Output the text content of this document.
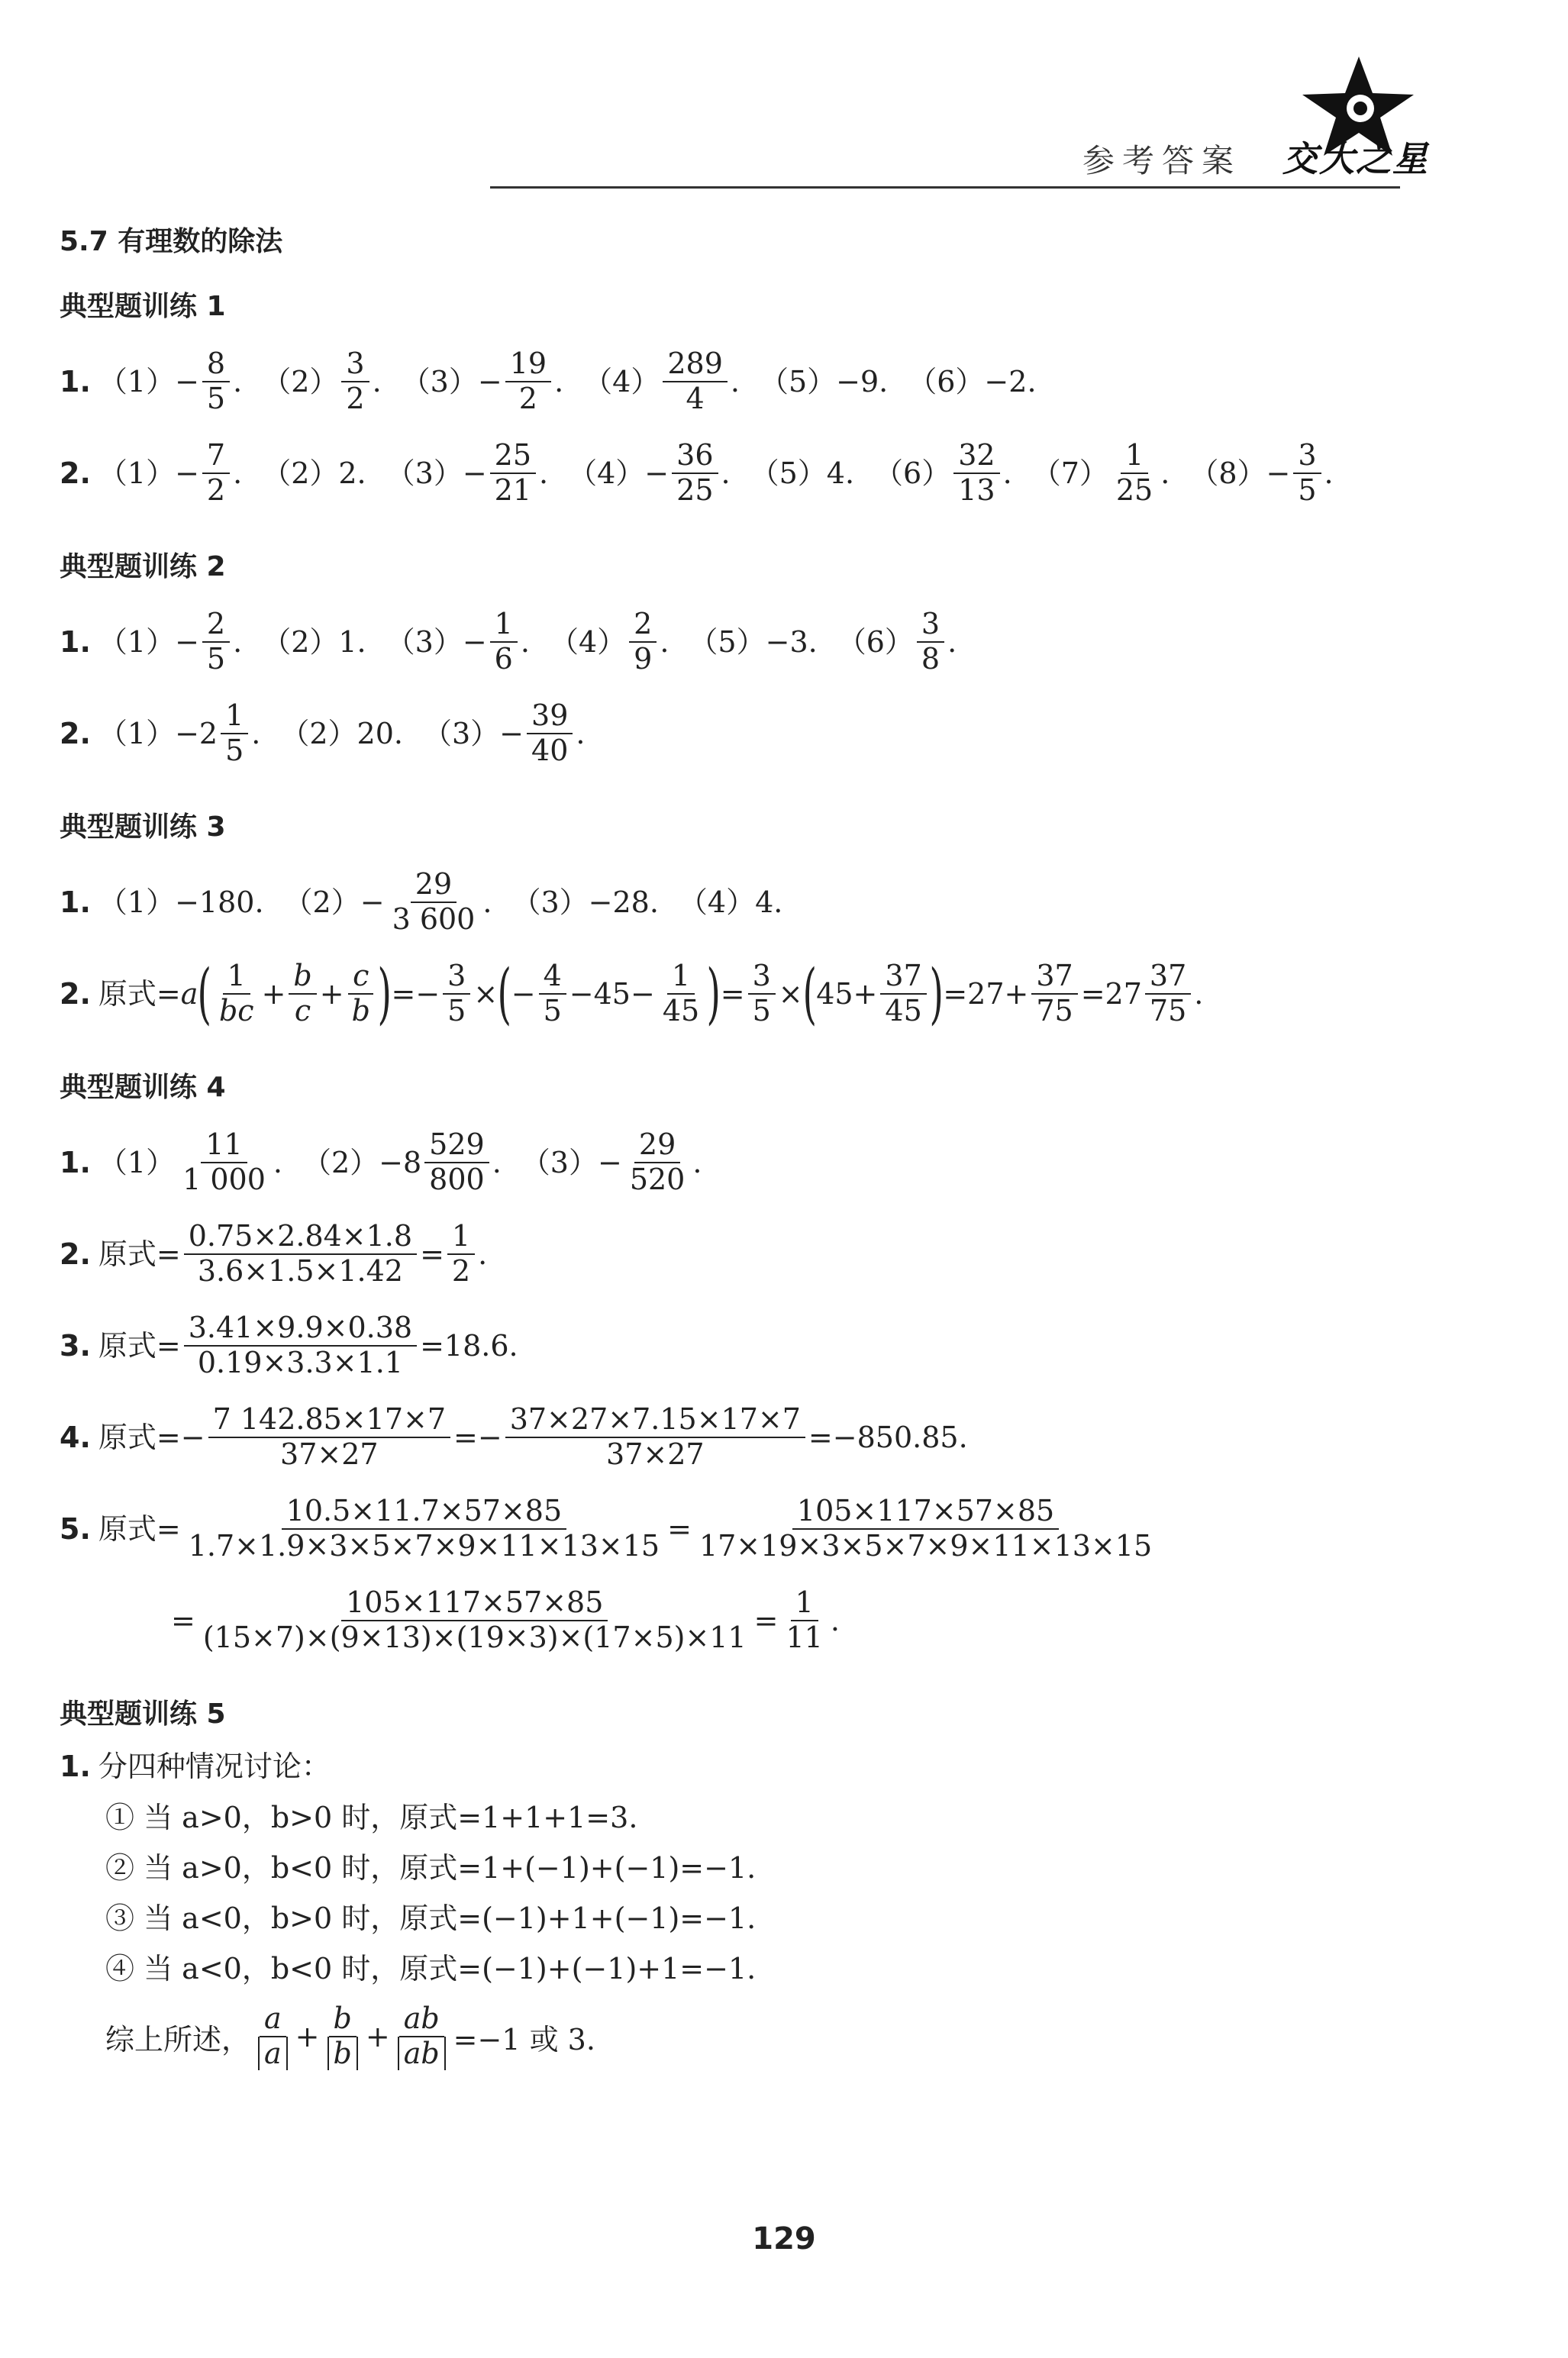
参考答案 交大之星
5.7 有理数的除法
典型题训练 1
1. $(1)- \frac{8}{5}$ . $(2) \frac{3}{2}$ . $(3)- \frac{19}{2}$ . $(4) \frac{289}{4}$ . （5）−9. （6）−2.
2. $(1)- \frac{7}{2}$ . （2）2. $(3)- \frac{25}{21}$ . $(4)- \frac{36}{25}$ . （5）4. $(6) \frac{32}{13}$ . $(7) \frac{1}{25}$ . $(8)- \frac{3}{5}$ .
典型题训练 2
1. $(1)- \frac{2}{5}$ . （2）1. $(3)- \frac{1}{6}$ . $(4) \frac{2}{9}$ . （5）−3. $(6) \frac{3}{8}$ .
2. $(1)-2 \frac{1}{5}$ . （2）20. $(3)- \frac{39}{40}$ .
典型题训练 3
1. （1）−180. $(2)- \frac{29}{3 600}$ . （3）−28. （4）4.
2. 原式= a ( $\frac{1}{bc} + \frac{b}{c} + \frac{c}{b}$ ) = − $\frac{3}{5}$ × ( − $\frac{4}{5} -45- \frac{1}{45}$ ) = $\frac{3}{5}$ × ( $45+ \frac{37}{45}$ ) $=27+ \frac{37}{75} =27 \frac{37}{75}$ .
典型题训练 4
1. $(1) \frac{11}{1 000}$ . $(2)-8 \frac{529}{800}$ . $(3)- \frac{29}{520}$ .
2. 原式= $\frac{0.75\times 2.84\times 1.8}{3.6\times 1.5\times 1.42} = \frac{1}{2}$ .
3. 原式= $\frac{3.41\times 9.9\times 0.38}{0.19\times 3.3\times 1.1} =18.6$.
4. 原式=− $\frac{7 142.85\times 17\times 7}{37\times 27} =- \frac{37\times 27\times 7.15\times 17\times 7}{37\times 27} =-850.85$.
5. 原式= $\frac{10.5\times 11.7\times 57\times 85}{1.7\times 1.9\times 3\times 5\times 7\times 9\times 11\times 13\times 15} = \frac{105\times 117\times 57\times 85}{17\times 19\times 3\times 5\times 7\times 9\times 11\times 13\times 15}$
= $\frac{105\times 117\times 57\times 85}{(15\times 7)\times(9\times 13)\times(19\times 3)\times(17\times 5)\times 11} = \frac{1}{11}$ .
典型题训练 5
1. 分四种情况讨论：
① 当 a>0，b>0 时，原式=1+1+1=3.
② 当 a>0，b<0 时，原式=1+(−1)+(−1)=−1.
③ 当 a<0，b>0 时，原式=(−1)+1+(−1)=−1.
④ 当 a<0，b<0 时，原式=(−1)+(−1)+1=−1.
综上所述， $\frac{a}{a} + \frac{b}{b} + \frac{ab}{ab} =-1$ 或 3.
129
